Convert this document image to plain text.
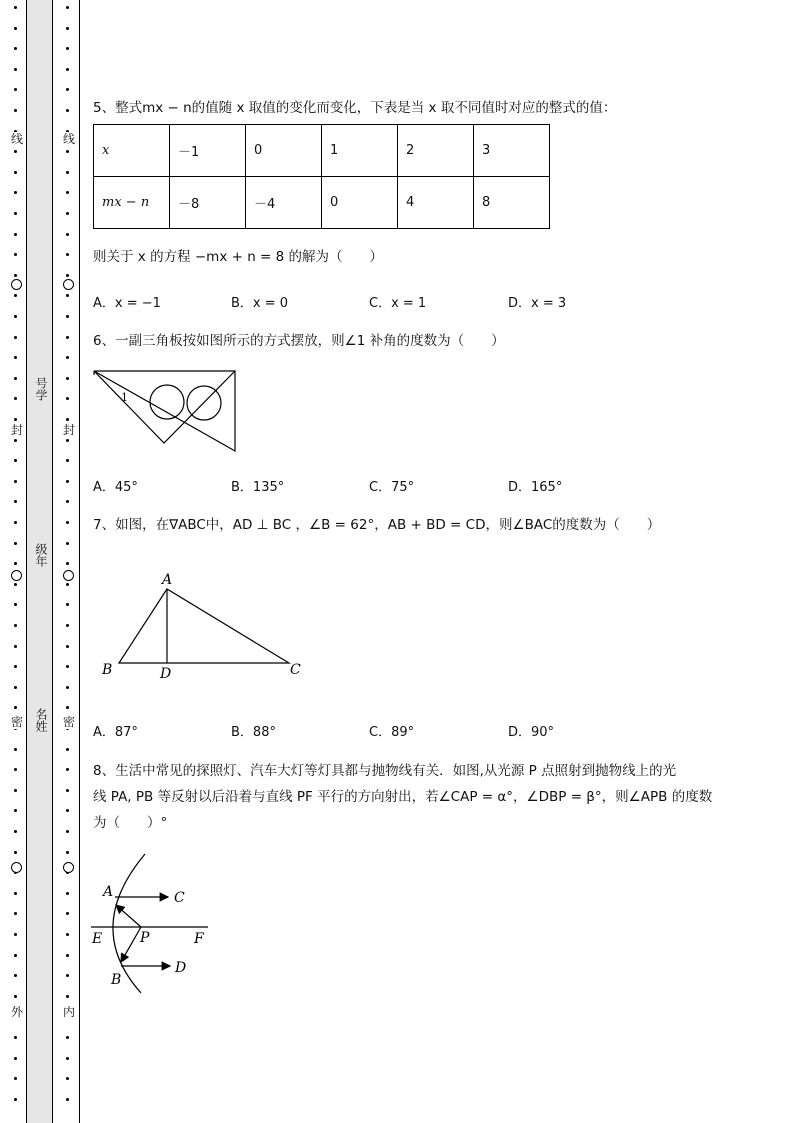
线
封
密
外
线
封
密
内
号学
级年
名姓
5、整式mx − n的值随 x 取值的变化而变化，下表是当 x 取不同值时对应的整式的值：
x	－1	0	1	2	3
mx − n	－8	－4	0	4	8
则关于 x 的方程 −mx + n = 8 的解为（　　）
A．x = −1	B．x = 0	C．x = 1	D．x = 3
6、一副三角板按如图所示的方式摆放，则∠1 补角的度数为（　　）
1
A．45°	B．135°	C．75°	D．165°
7、如图，在∇ABC中，AD ⊥ BC ，∠B = 62°，AB + BD = CD，则∠BAC的度数为（　　）
A
B	D	C
A．87°	B．88°	C．89°	D．90°
8、生活中常见的探照灯、汽车大灯等灯具都与抛物线有关．如图,从光源 P 点照射到抛物线上的光
线 PA, PB 等反射以后沿着与直线 PF 平行的方向射出，若∠CAP = α°，∠DBP = β°，则∠APB 的度数
为（　　）°
A	C
E	P	F
B
D
